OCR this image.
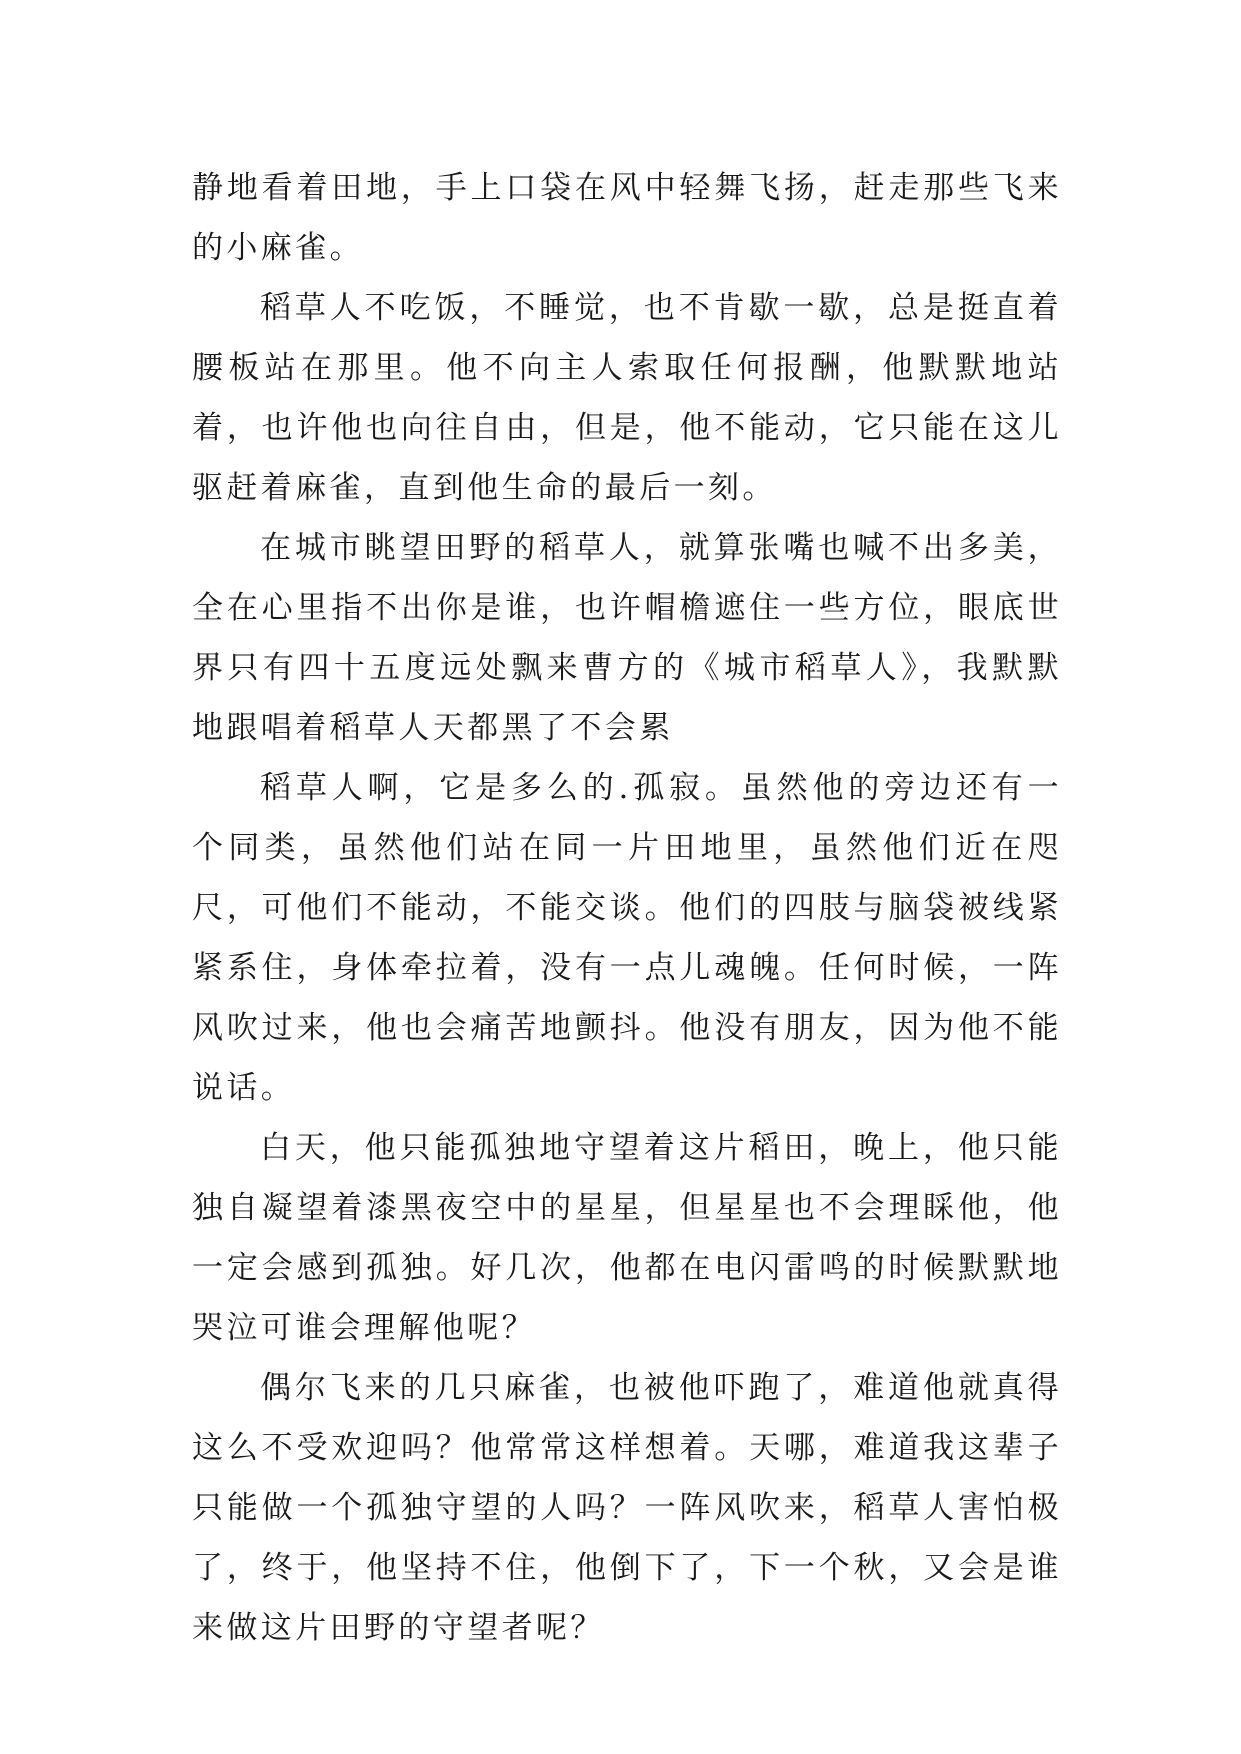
静地看着田地，手上口袋在风中轻舞飞扬，赶走那些飞来的小麻雀。

稻草人不吃饭，不睡觉，也不肯歇一歇，总是挺直着腰板站在那里。他不向主人索取任何报酬，他默默地站着，也许他也向往自由，但是，他不能动，它只能在这儿驱赶着麻雀，直到他生命的最后一刻。

在城市眺望田野的稻草人，就算张嘴也喊不出多美，全在心里指不出你是谁，也许帽檐遮住一些方位，眼底世界只有四十五度远处飘来曹方的《城市稻草人》，我默默地跟唱着稻草人天都黑了不会累

稻草人啊，它是多么的.孤寂。虽然他的旁边还有一个同类，虽然他们站在同一片田地里，虽然他们近在咫尺，可他们不能动，不能交谈。他们的四肢与脑袋被线紧紧系住，身体牵拉着，没有一点儿魂魄。任何时候，一阵风吹过来，他也会痛苦地颤抖。他没有朋友，因为他不能说话。

白天，他只能孤独地守望着这片稻田，晚上，他只能独自凝望着漆黑夜空中的星星，但星星也不会理睬他，他一定会感到孤独。好几次，他都在电闪雷鸣的时候默默地哭泣可谁会理解他呢？

偶尔飞来的几只麻雀，也被他吓跑了，难道他就真得这么不受欢迎吗？他常常这样想着。天哪，难道我这辈子只能做一个孤独守望的人吗？一阵风吹来，稻草人害怕极了，终于，他坚持不住，他倒下了，下一个秋，又会是谁来做这片田野的守望者呢？
